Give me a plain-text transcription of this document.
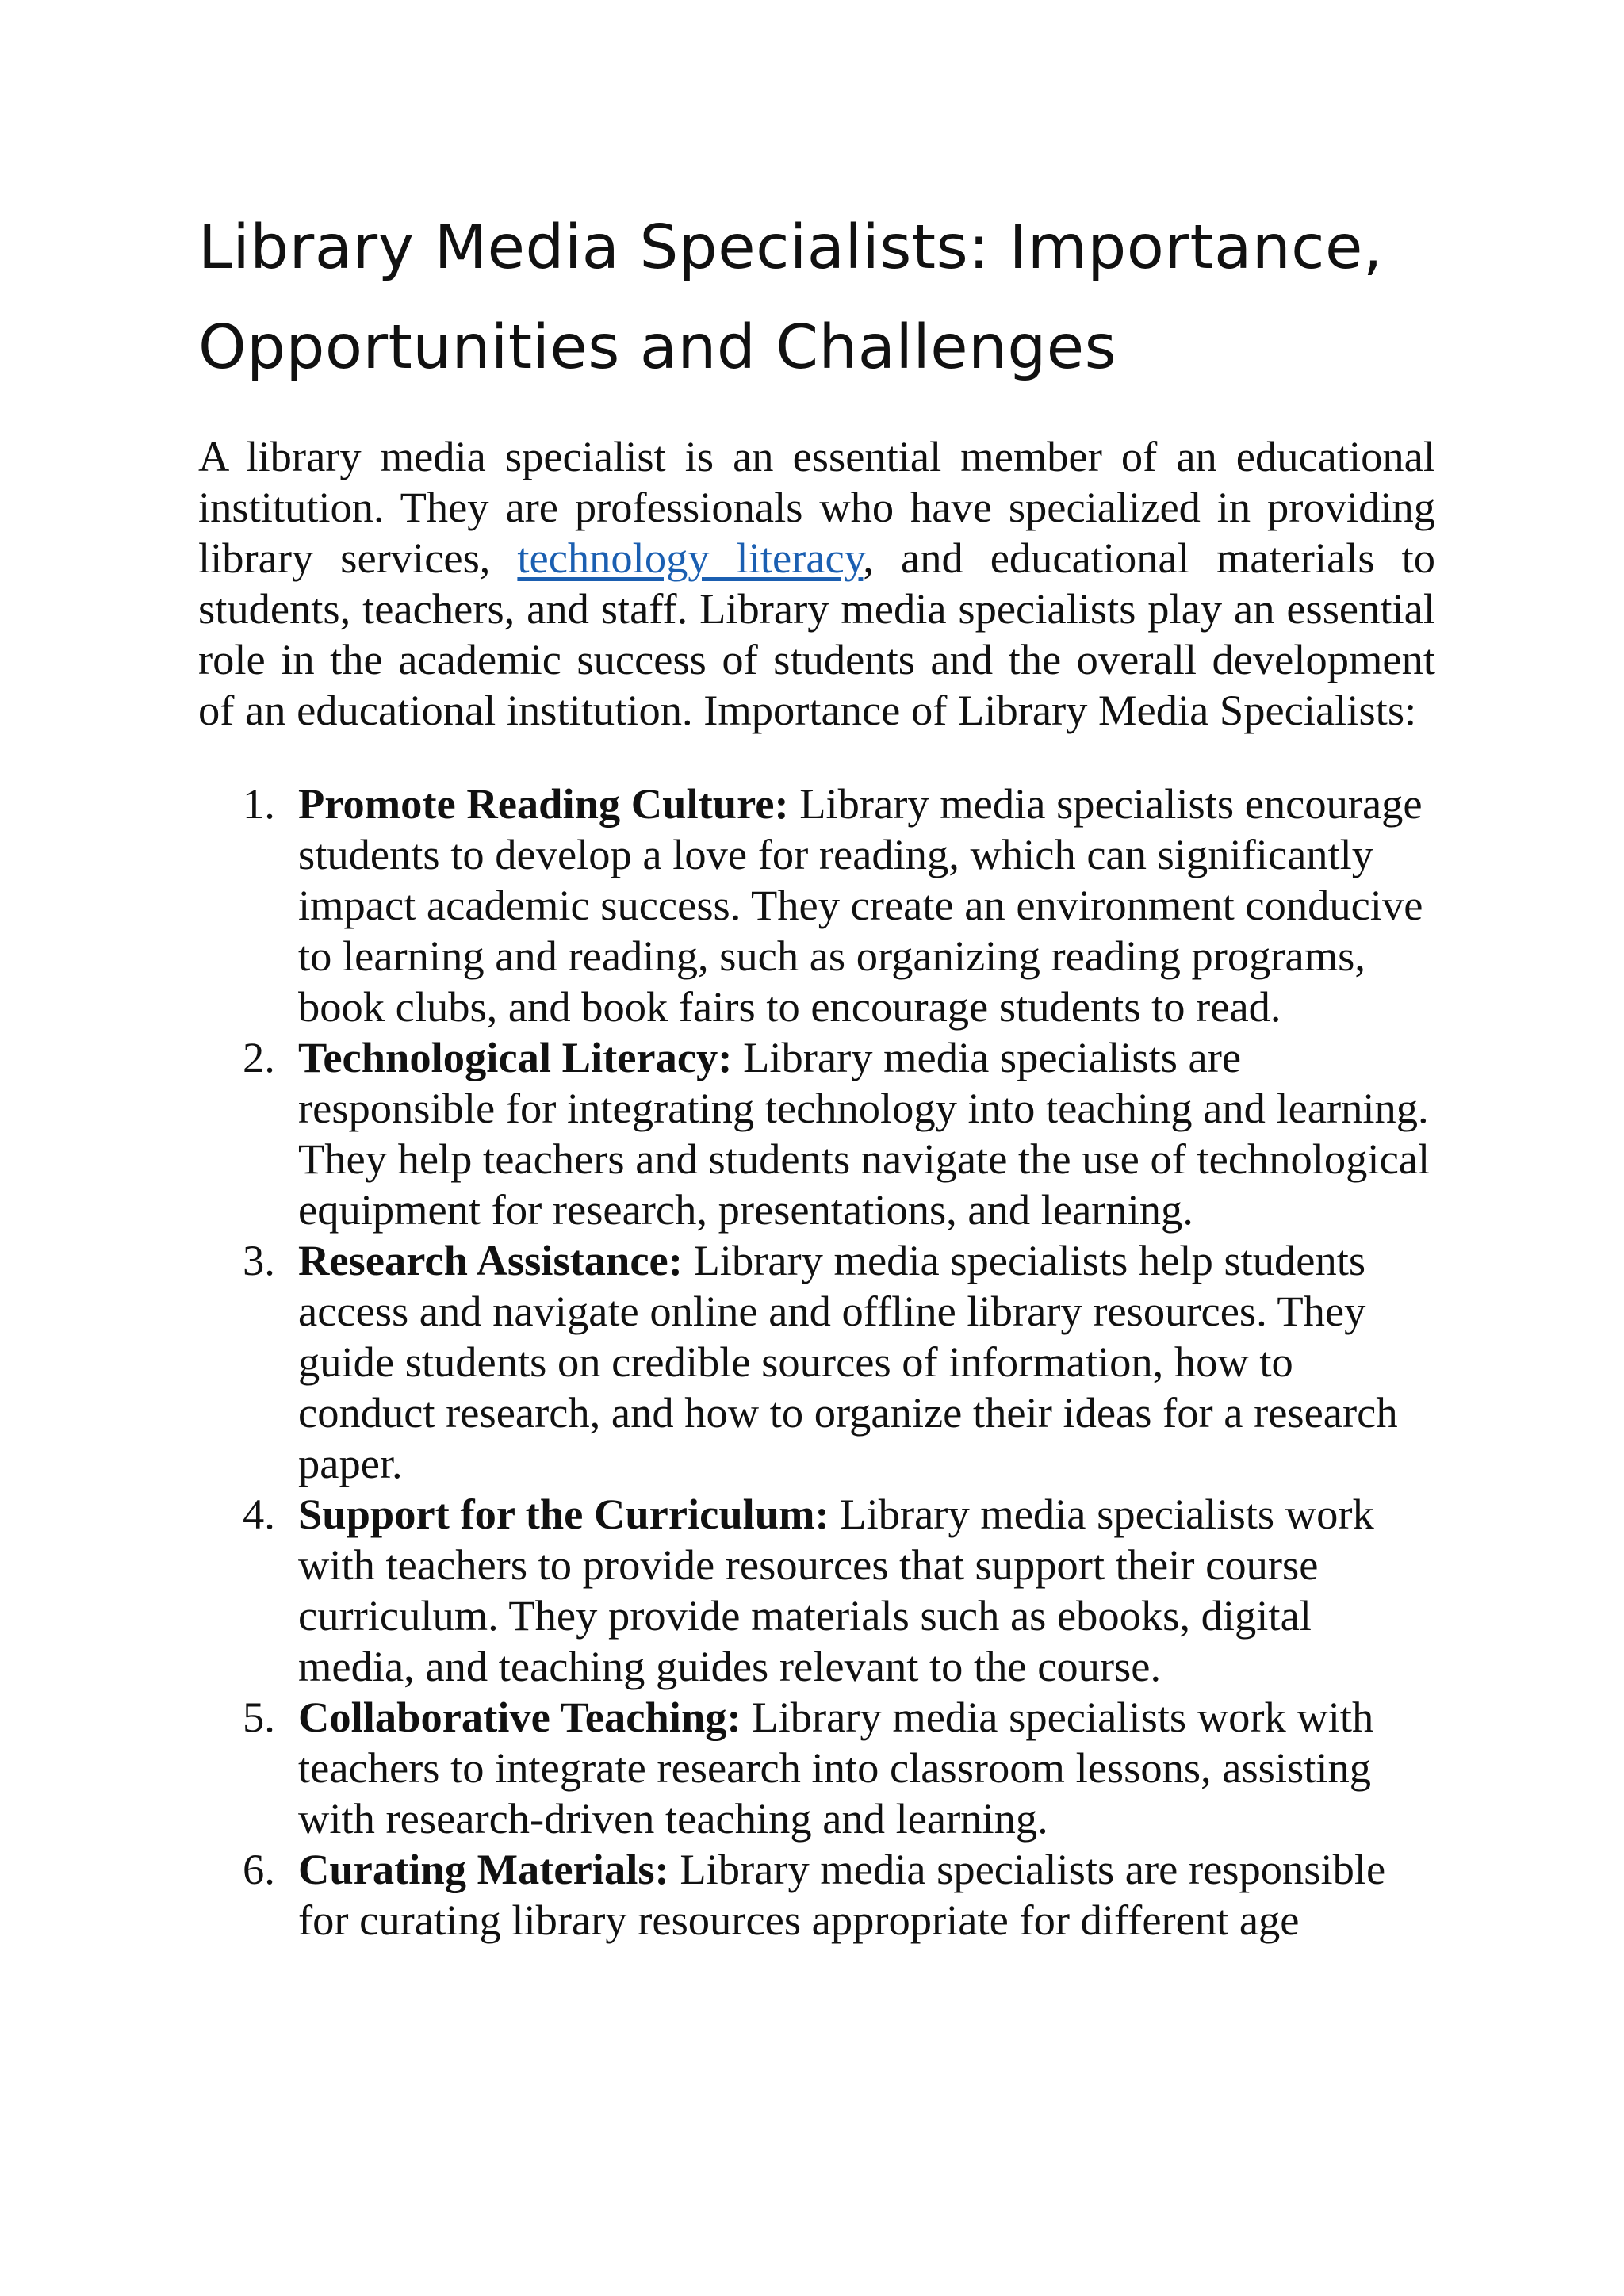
Library Media Specialists: Importance,
Opportunities and Challenges

A library media specialist is an essential member of an educational institution. They are professionals who have specialized in providing library services, technology literacy, and educational materials to students, teachers, and staff. Library media specialists play an essential role in the academic success of students and the overall development of an educational institution. Importance of Library Media Specialists:

1. Promote Reading Culture: Library media specialists encourage students to develop a love for reading, which can significantly impact academic success. They create an environment conducive to learning and reading, such as organizing reading programs, book clubs, and book fairs to encourage students to read.
2. Technological Literacy: Library media specialists are responsible for integrating technology into teaching and learning. They help teachers and students navigate the use of technological equipment for research, presentations, and learning.
3. Research Assistance: Library media specialists help students access and navigate online and offline library resources. They guide students on credible sources of information, how to conduct research, and how to organize their ideas for a research paper.
4. Support for the Curriculum: Library media specialists work with teachers to provide resources that support their course curriculum. They provide materials such as ebooks, digital media, and teaching guides relevant to the course.
5. Collaborative Teaching: Library media specialists work with teachers to integrate research into classroom lessons, assisting with research-driven teaching and learning.
6. Curating Materials: Library media specialists are responsible for curating library resources appropriate for different age
